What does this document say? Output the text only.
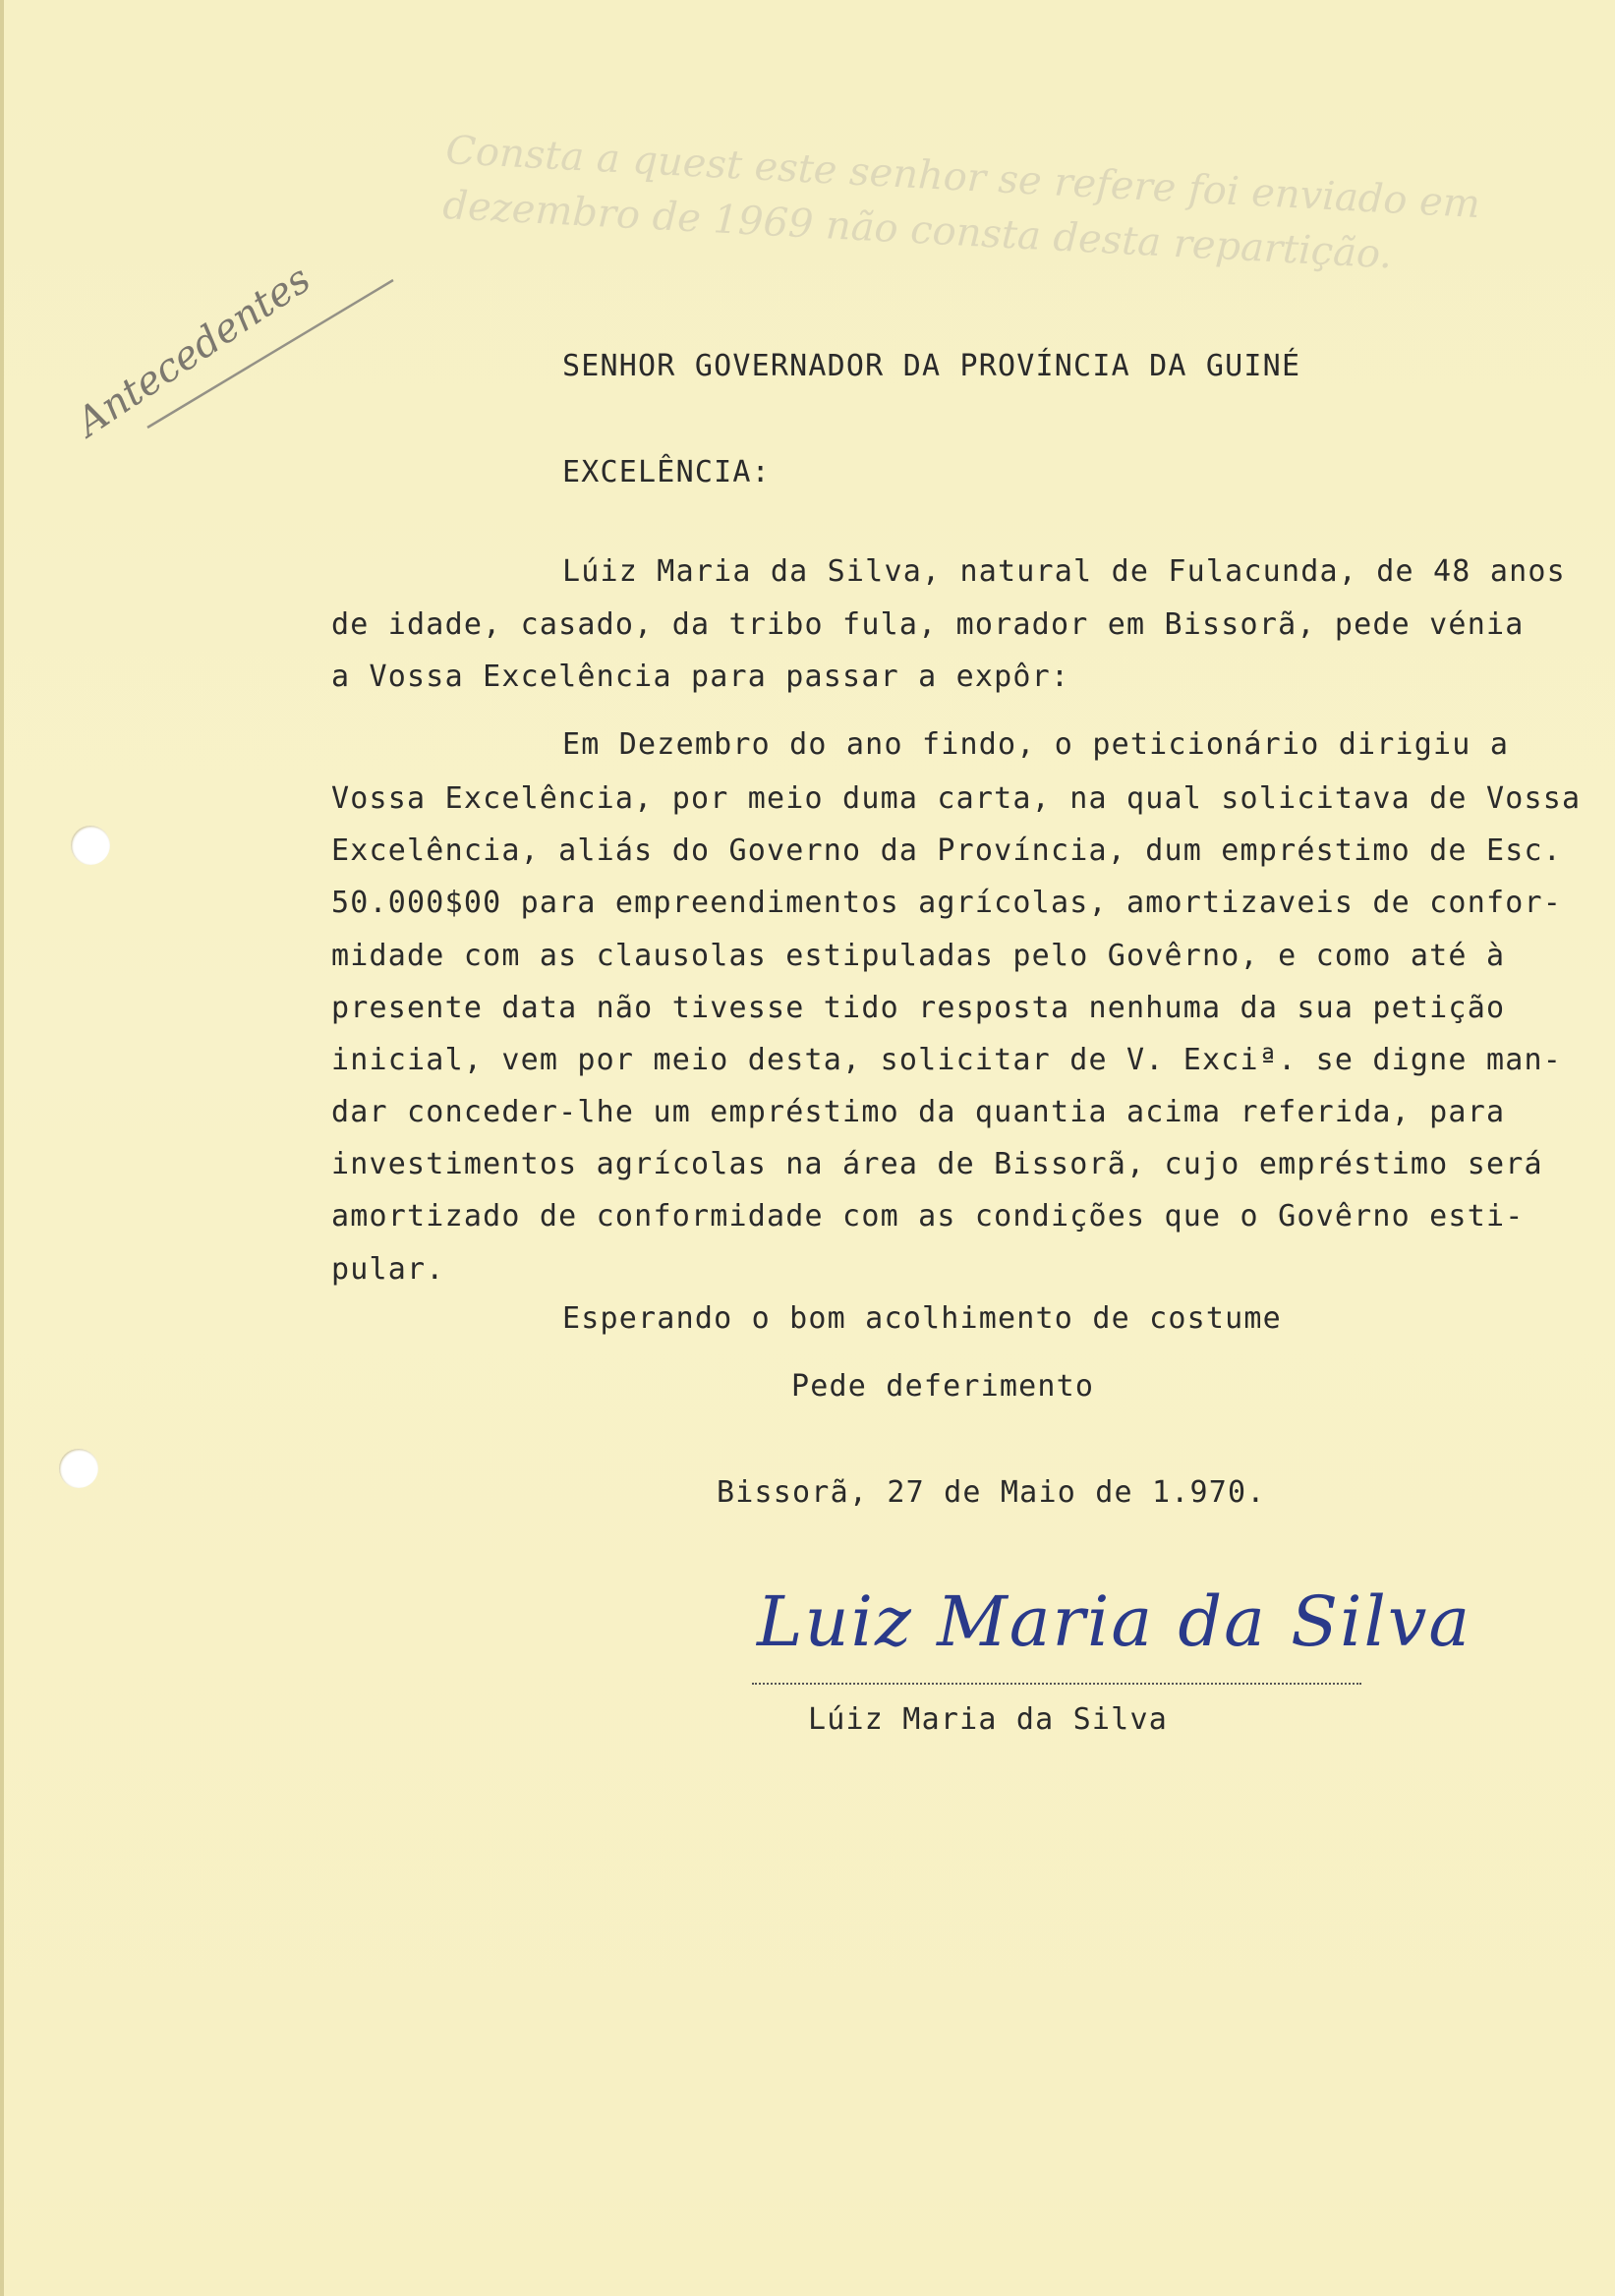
Consta a quest este senhor se refere foi enviado em dezembro de 1969 não consta desta repartição.
Antecedentes	SENHOR GOVERNADOR DA PROVÍNCIA DA GUINÉ
EXCELÊNCIA:
Lúiz Maria da Silva, natural de Fulacunda, de 48 anos
de idade, casado, da tribo fula, morador em Bissorã, pede vénia
a Vossa Excelência para passar a expôr:
Em Dezembro do ano findo, o peticionário dirigiu a
Vossa Excelência, por meio duma carta, na qual solicitava de Vossa
Excelência, aliás do Governo da Província, dum empréstimo de Esc.
50.000$00 para empreendimentos agrícolas, amortizaveis de confor-
midade com as clausolas estipuladas pelo Govêrno, e como até à
presente data não tivesse tido resposta nenhuma da sua petição
inicial, vem por meio desta, solicitar de V. Exciª. se digne man-
dar conceder-lhe um empréstimo da quantia acima referida, para
investimentos agrícolas na área de Bissorã, cujo empréstimo será
amortizado de conformidade com as condições que o Govêrno esti-
pular.
Esperando o bom acolhimento de costume
Pede deferimento
Bissorã, 27 de Maio de 1.970.
Luiz Maria da Silva
Lúiz Maria da Silva
